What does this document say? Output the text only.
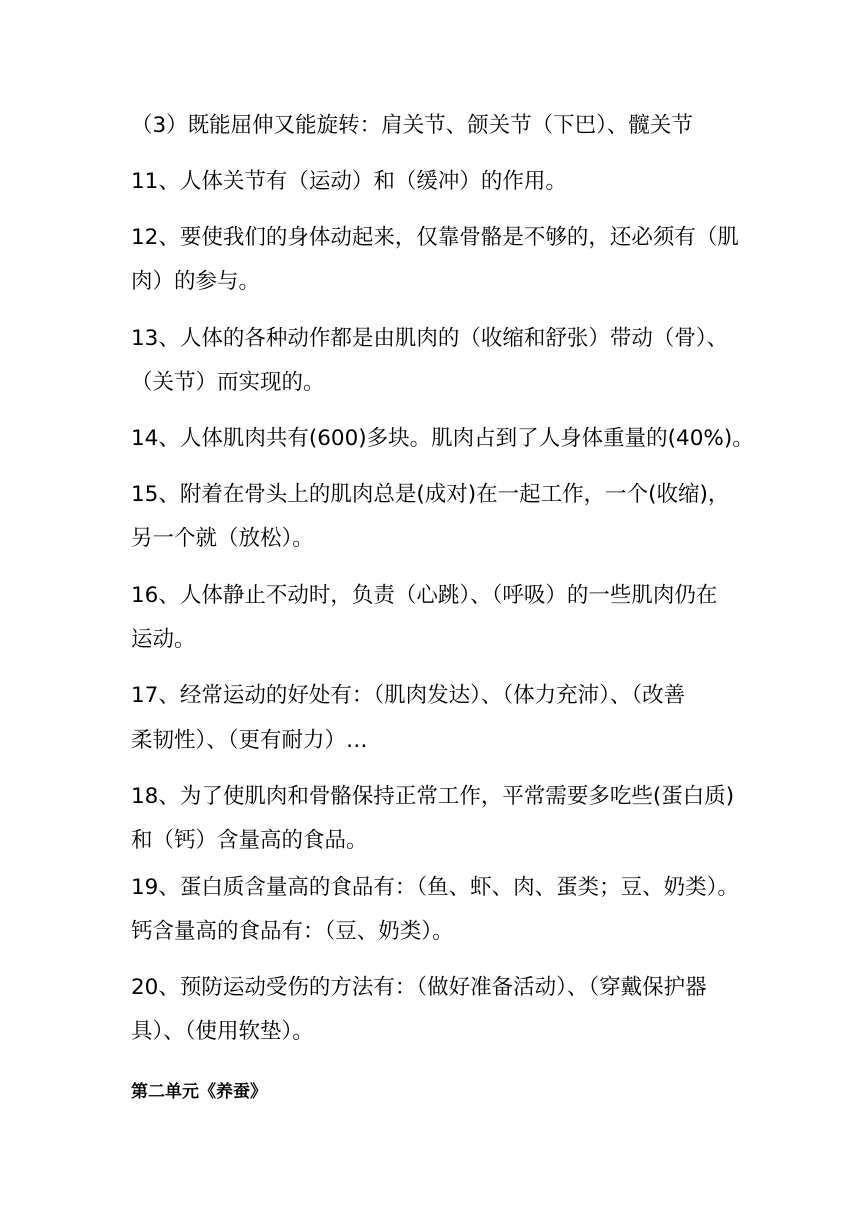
（3）既能屈伸又能旋转：肩关节、颌关节（下巴）、髋关节
11、人体关节有（运动）和（缓冲）的作用。
12、要使我们的身体动起来，仅靠骨骼是不够的，还必须有（肌
肉）的参与。
13、人体的各种动作都是由肌肉的（收缩和舒张）带动（骨）、
（关节）而实现的。
14、人体肌肉共有(600)多块。肌肉占到了人身体重量的(40%)。
15、附着在骨头上的肌肉总是(成对)在一起工作，一个(收缩)，
另一个就（放松）。
16、人体静止不动时，负责（心跳）、（呼吸）的一些肌肉仍在
运动。
17、经常运动的好处有：（肌肉发达）、（体力充沛）、（改善
柔韧性）、（更有耐力）…
18、为了使肌肉和骨骼保持正常工作，平常需要多吃些(蛋白质)
和（钙）含量高的食品。
19、蛋白质含量高的食品有：（鱼、虾、肉、蛋类；豆、奶类）。
钙含量高的食品有：（豆、奶类）。
20、预防运动受伤的方法有：（做好准备活动）、（穿戴保护器
具）、（使用软垫）。
第二单元《养蚕》
